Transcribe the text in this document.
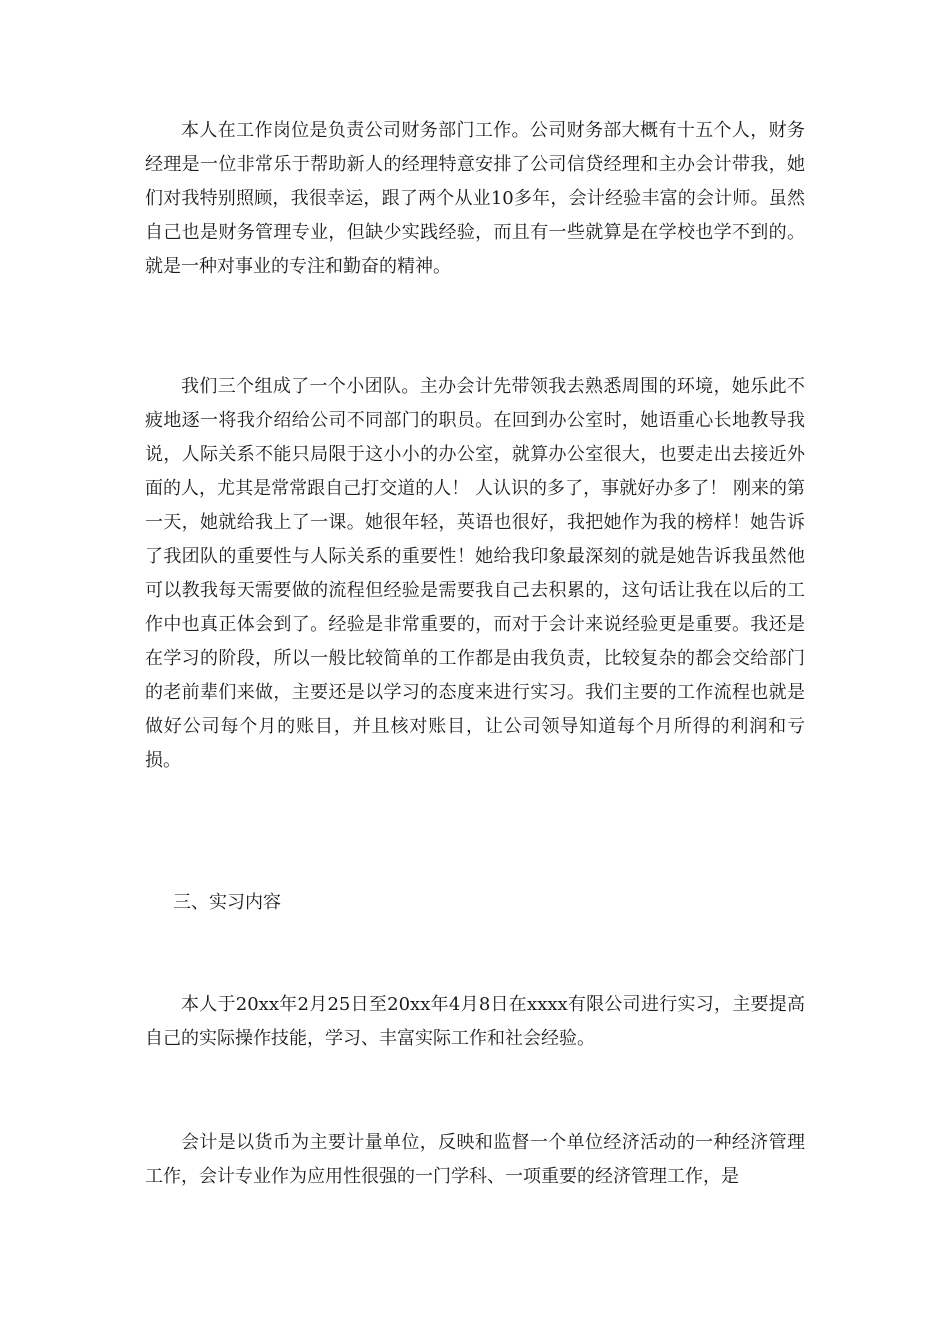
本人在工作岗位是负责公司财务部门工作。公司财务部大概有十五个人，财务经理是一位非常乐于帮助新人的经理特意安排了公司信贷经理和主办会计带我，她们对我特别照顾，我很幸运，跟了两个从业10多年，会计经验丰富的会计师。虽然自己也是财务管理专业，但缺少实践经验，而且有一些就算是在学校也学不到的。就是一种对事业的专注和勤奋的精神。

我们三个组成了一个小团队。主办会计先带领我去熟悉周围的环境，她乐此不疲地逐一将我介绍给公司不同部门的职员。在回到办公室时，她语重心长地教导我说，人际关系不能只局限于这小小的办公室，就算办公室很大，也要走出去接近外面的人，尤其是常常跟自己打交道的人！ 人认识的多了，事就好办多了！ 刚来的第一天，她就给我上了一课。她很年轻，英语也很好，我把她作为我的榜样！她告诉了我团队的重要性与人际关系的重要性！她给我印象最深刻的就是她告诉我虽然他可以教我每天需要做的流程但经验是需要我自己去积累的，这句话让我在以后的工作中也真正体会到了。经验是非常重要的，而对于会计来说经验更是重要。我还是在学习的阶段，所以一般比较简单的工作都是由我负责，比较复杂的都会交给部门的老前辈们来做，主要还是以学习的态度来进行实习。我们主要的工作流程也就是做好公司每个月的账目，并且核对账目，让公司领导知道每个月所得的利润和亏损。

三、实习内容

本人于20xx年2月25日至20xx年4月8日在xxxx有限公司进行实习，主要提高自己的实际操作技能，学习、丰富实际工作和社会经验。

会计是以货币为主要计量单位，反映和监督一个单位经济活动的一种经济管理工作，会计专业作为应用性很强的一门学科、一项重要的经济管理工作，是
